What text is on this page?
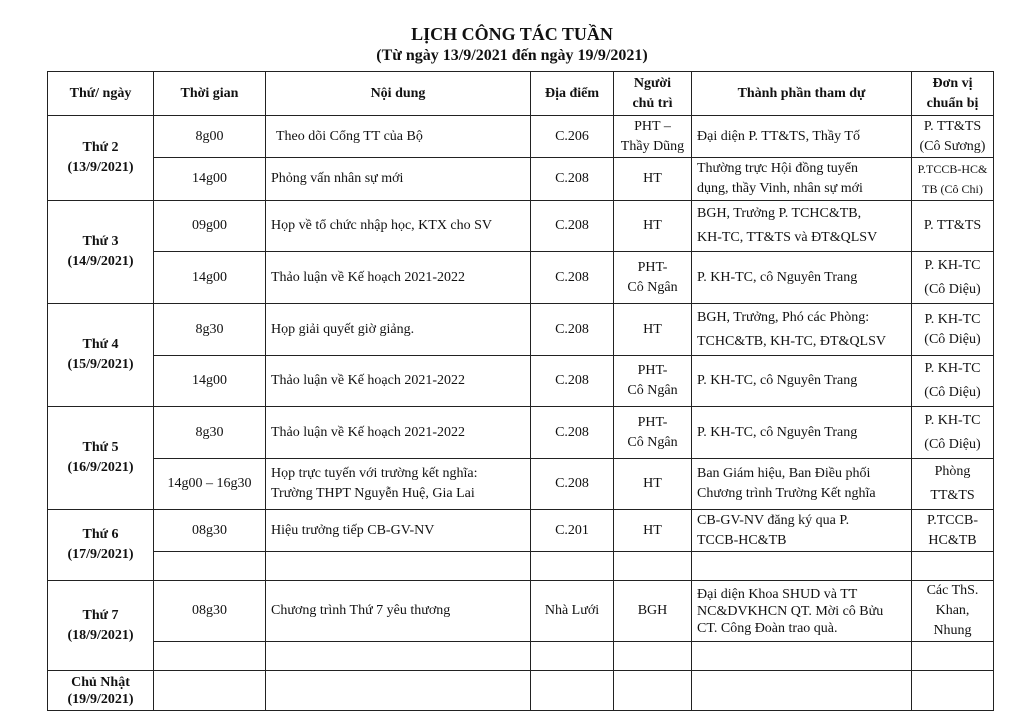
LỊCH CÔNG TÁC TUẦN
(Từ ngày 13/9/2021 đến ngày 19/9/2021)
Thứ/ ngày	Thời gian	Nội dung	Địa điểm	Người
chủ trì	Thành phần tham dự	Đơn vị
chuẩn bị
Thứ 2
(13/9/2021)	8g00	Theo dõi Cổng TT của Bộ	C.206	PHT –
Thầy Dũng	Đại diện P. TT&TS, Thầy Tố	P. TT&TS
(Cô Sương)
	14g00	Phỏng vấn nhân sự mới	C.208	HT	Thường trực Hội đồng tuyển
dụng, thầy Vinh, nhân sự mới	P.TCCB-HC&
TB (Cô Chi)
Thứ 3
(14/9/2021)	09g00	Họp về tổ chức nhập học, KTX cho SV	C.208	HT	BGH, Trưởng P. TCHC&TB,
KH-TC, TT&TS và ĐT&QLSV	P. TT&TS
	14g00	Thảo luận về Kế hoạch 2021-2022	C.208	PHT-
Cô Ngân	P. KH-TC, cô Nguyên Trang	P. KH-TC
(Cô Diệu)
Thứ 4
(15/9/2021)	8g30	Họp giải quyết giờ giảng.	C.208	HT	BGH, Trưởng, Phó các Phòng:
TCHC&TB, KH-TC, ĐT&QLSV	P. KH-TC
(Cô Diệu)
	14g00	Thảo luận về Kế hoạch 2021-2022	C.208	PHT-
Cô Ngân	P. KH-TC, cô Nguyên Trang	P. KH-TC
(Cô Diệu)
Thứ 5
(16/9/2021)	8g30	Thảo luận về Kế hoạch 2021-2022	C.208	PHT-
Cô Ngân	P. KH-TC, cô Nguyên Trang	P. KH-TC
(Cô Diệu)
	14g00 – 16g30	Họp trực tuyến với trường kết nghĩa:
Trường THPT Nguyễn Huệ, Gia Lai	C.208	HT	Ban Giám hiệu, Ban Điều phối
Chương trình Trường Kết nghĩa	Phòng
TT&TS
Thứ 6
(17/9/2021)	08g30	Hiệu trưởng tiếp CB-GV-NV	C.201	HT	CB-GV-NV đăng ký qua P.
TCCB-HC&TB	P.TCCB-
HC&TB

Thứ 7
(18/9/2021)	08g30	Chương trình Thứ 7 yêu thương	Nhà Lưới	BGH	Đại diện Khoa SHUD và TT
NC&DVKHCN QT. Mời cô Bửu
CT. Công Đoàn trao quà.	Các ThS.
Khan, Nhung

Chủ Nhật
(19/9/2021)						
